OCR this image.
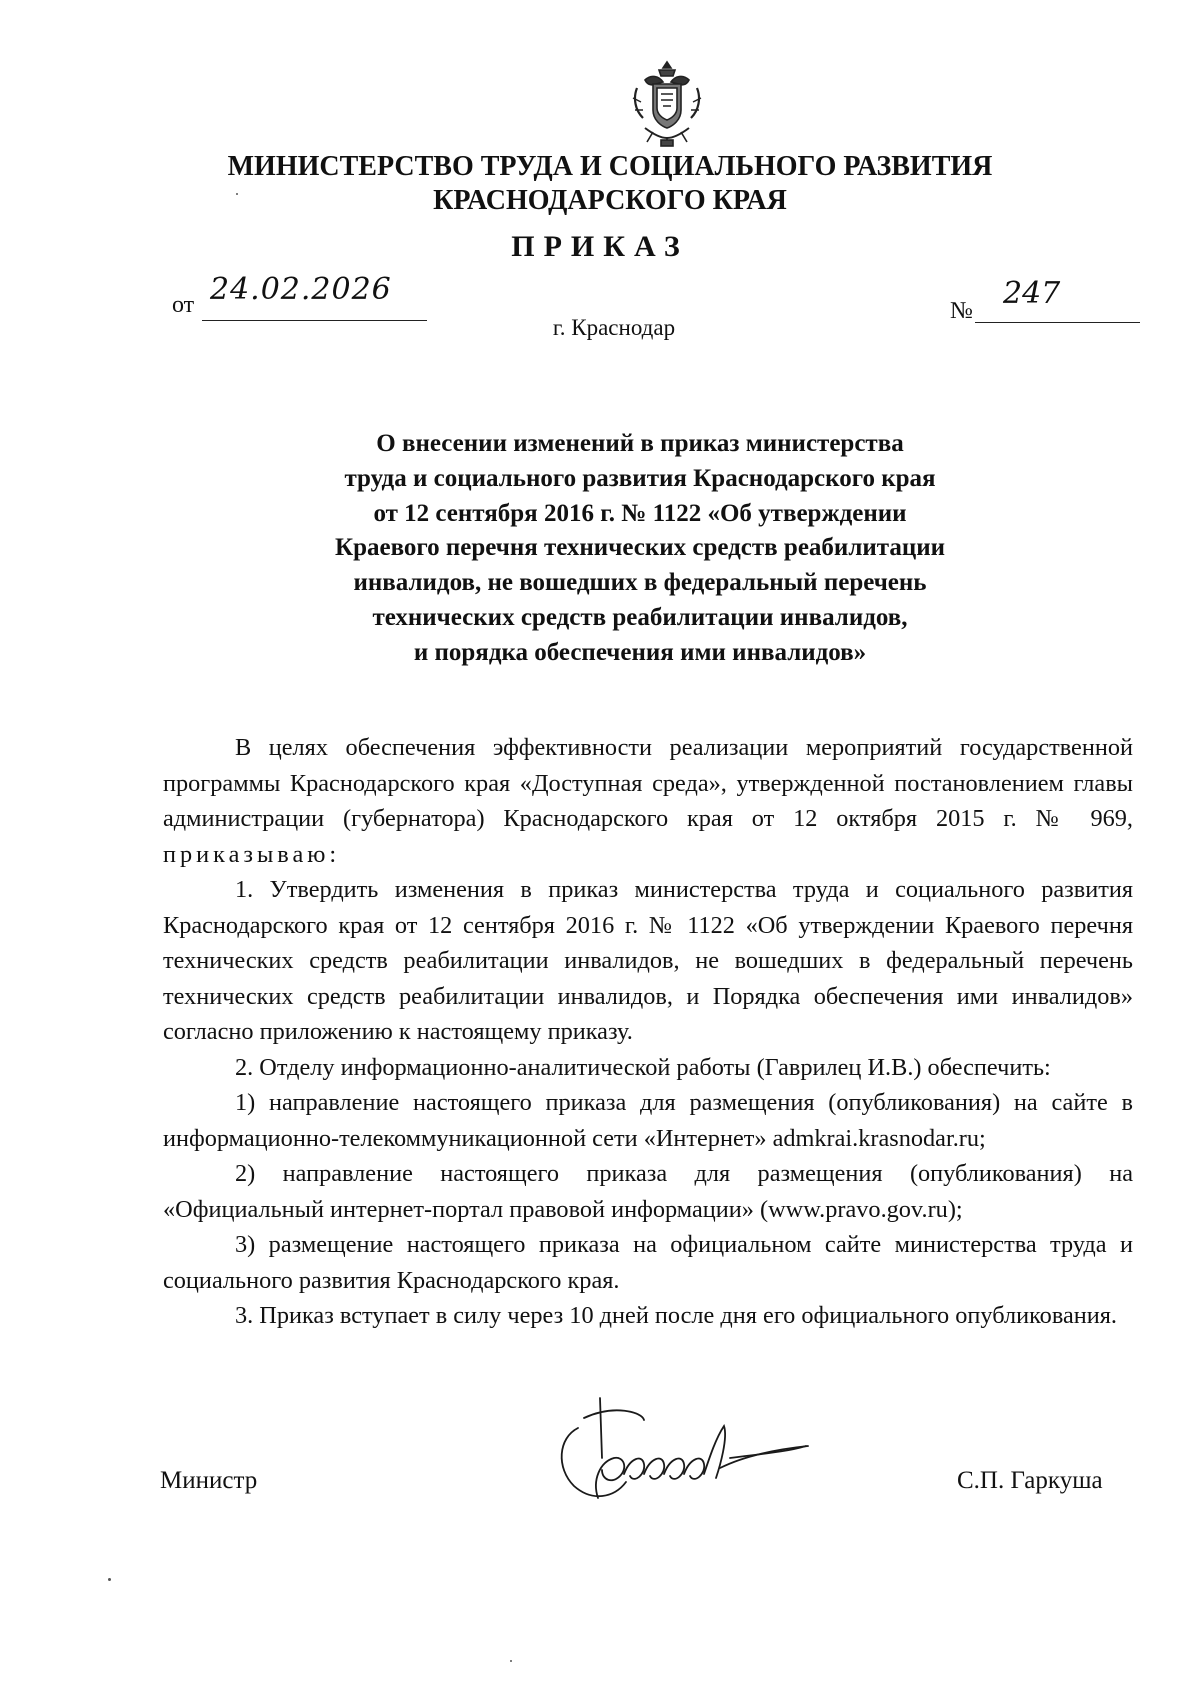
МИНИСТЕРСТВО ТРУДА И СОЦИАЛЬНОГО РАЗВИТИЯ
КРАСНОДАРСКОГО КРАЯ
ПРИКАЗ
от 24.02.2026
№ 247
г. Краснодар
О внесении изменений в приказ министерства
труда и социального развития Краснодарского края
от 12 сентября 2016 г. № 1122 «Об утверждении
Краевого перечня технических средств реабилитации
инвалидов, не вошедших в федеральный перечень
технических средств реабилитации инвалидов,
и порядка обеспечения ими инвалидов»

В целях обеспечения эффективности реализации мероприятий государственной программы Краснодарского края «Доступная среда», утвержденной постановлением главы администрации (губернатора) Краснодарского края от 12 октября 2015 г. № 969, приказываю:

1. Утвердить изменения в приказ министерства труда и социального развития Краснодарского края от 12 сентября 2016 г. № 1122 «Об утверждении Краевого перечня технических средств реабилитации инвалидов, не вошедших в федеральный перечень технических средств реабилитации инвалидов, и Порядка обеспечения ими инвалидов» согласно приложению к настоящему приказу.

2. Отделу информационно-аналитической работы (Гаврилец И.В.) обеспечить:

1) направление настоящего приказа для размещения (опубликования) на сайте в информационно-телекоммуникационной сети «Интернет» admkrai.krasnodar.ru;

2) направление настоящего приказа для размещения (опубликования) на «Официальный интернет-портал правовой информации» (www.pravo.gov.ru);

3) размещение настоящего приказа на официальном сайте министерства труда и социального развития Краснодарского края.

3. Приказ вступает в силу через 10 дней после дня его официального опубликования.

Министр	С.П. Гаркуша
